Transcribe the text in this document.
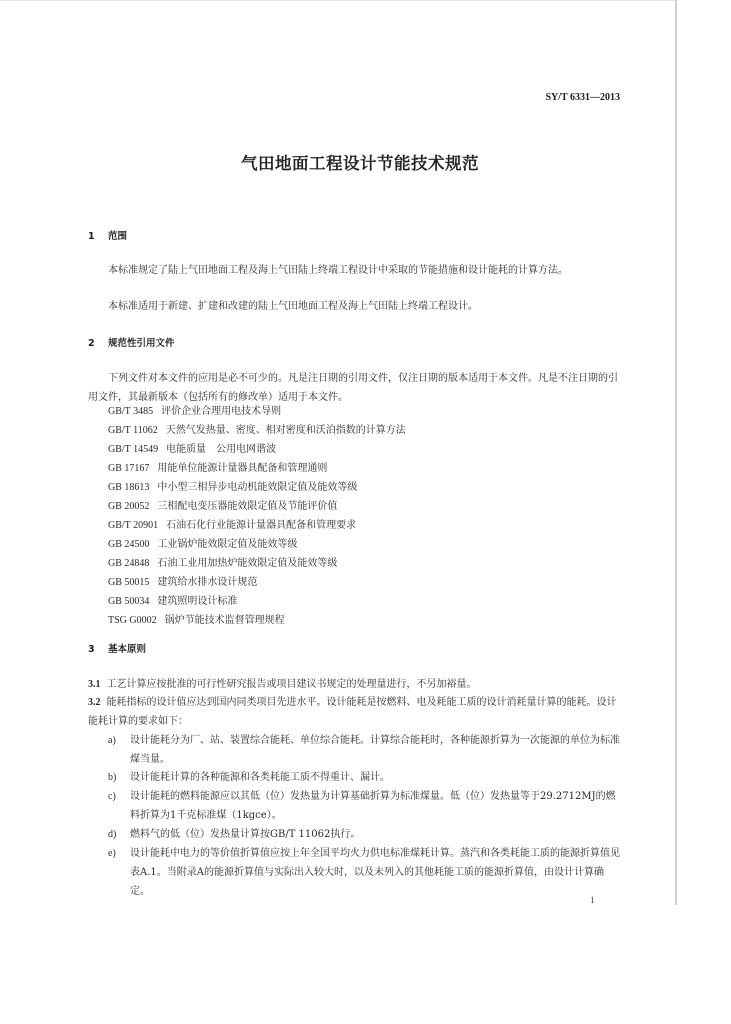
SY/T 6331—2013
气田地面工程设计节能技术规范
1 范围
本标准规定了陆上气田地面工程及海上气田陆上终端工程设计中采取的节能措施和设计能耗的计算方法。
本标准适用于新建、扩建和改建的陆上气田地面工程及海上气田陆上终端工程设计。
2 规范性引用文件
下列文件对本文件的应用是必不可少的。凡是注日期的引用文件，仅注日期的版本适用于本文件。凡是不注日期的引用文件，其最新版本（包括所有的修改单）适用于本文件。
GB/T 3485 评价企业合理用电技术导则
GB/T 11062 天然气发热量、密度、相对密度和沃泊指数的计算方法
GB/T 14549 电能质量　公用电网谐波
GB 17167 用能单位能源计量器具配备和管理通则
GB 18613 中小型三相异步电动机能效限定值及能效等级
GB 20052 三相配电变压器能效限定值及节能评价值
GB/T 20901 石油石化行业能源计量器具配备和管理要求
GB 24500 工业锅炉能效限定值及能效等级
GB 24848 石油工业用加热炉能效限定值及能效等级
GB 50015 建筑给水排水设计规范
GB 50034 建筑照明设计标准
TSG G0002 锅炉节能技术监督管理规程
3 基本原则
3.1 工艺计算应按批准的可行性研究报告或项目建议书规定的处理量进行，不另加裕量。
3.2 能耗指标的设计值应达到国内同类项目先进水平。设计能耗是按燃料、电及耗能工质的设计消耗量计算的能耗。设计能耗计算的要求如下：
a)	设计能耗分为厂、站、装置综合能耗、单位综合能耗。计算综合能耗时，各种能源折算为一次能源的单位为标准煤当量。
b)	设计能耗计算的各种能源和各类耗能工质不得重计、漏计。
c)	设计能耗的燃料能源应以其低（位）发热量为计算基础折算为标准煤量。低（位）发热量等于29.2712MJ的燃料折算为1千克标准煤（1kgce）。
d)	燃料气的低（位）发热量计算按GB/T 11062执行。
e)	设计能耗中电力的等价值折算值应按上年全国平均火力供电标准煤耗计算。蒸汽和各类耗能工质的能源折算值见表A.1。当附录A的能源折算值与实际出入较大时，以及未列入的其他耗能工质的能源折算值，由设计计算确定。
1
